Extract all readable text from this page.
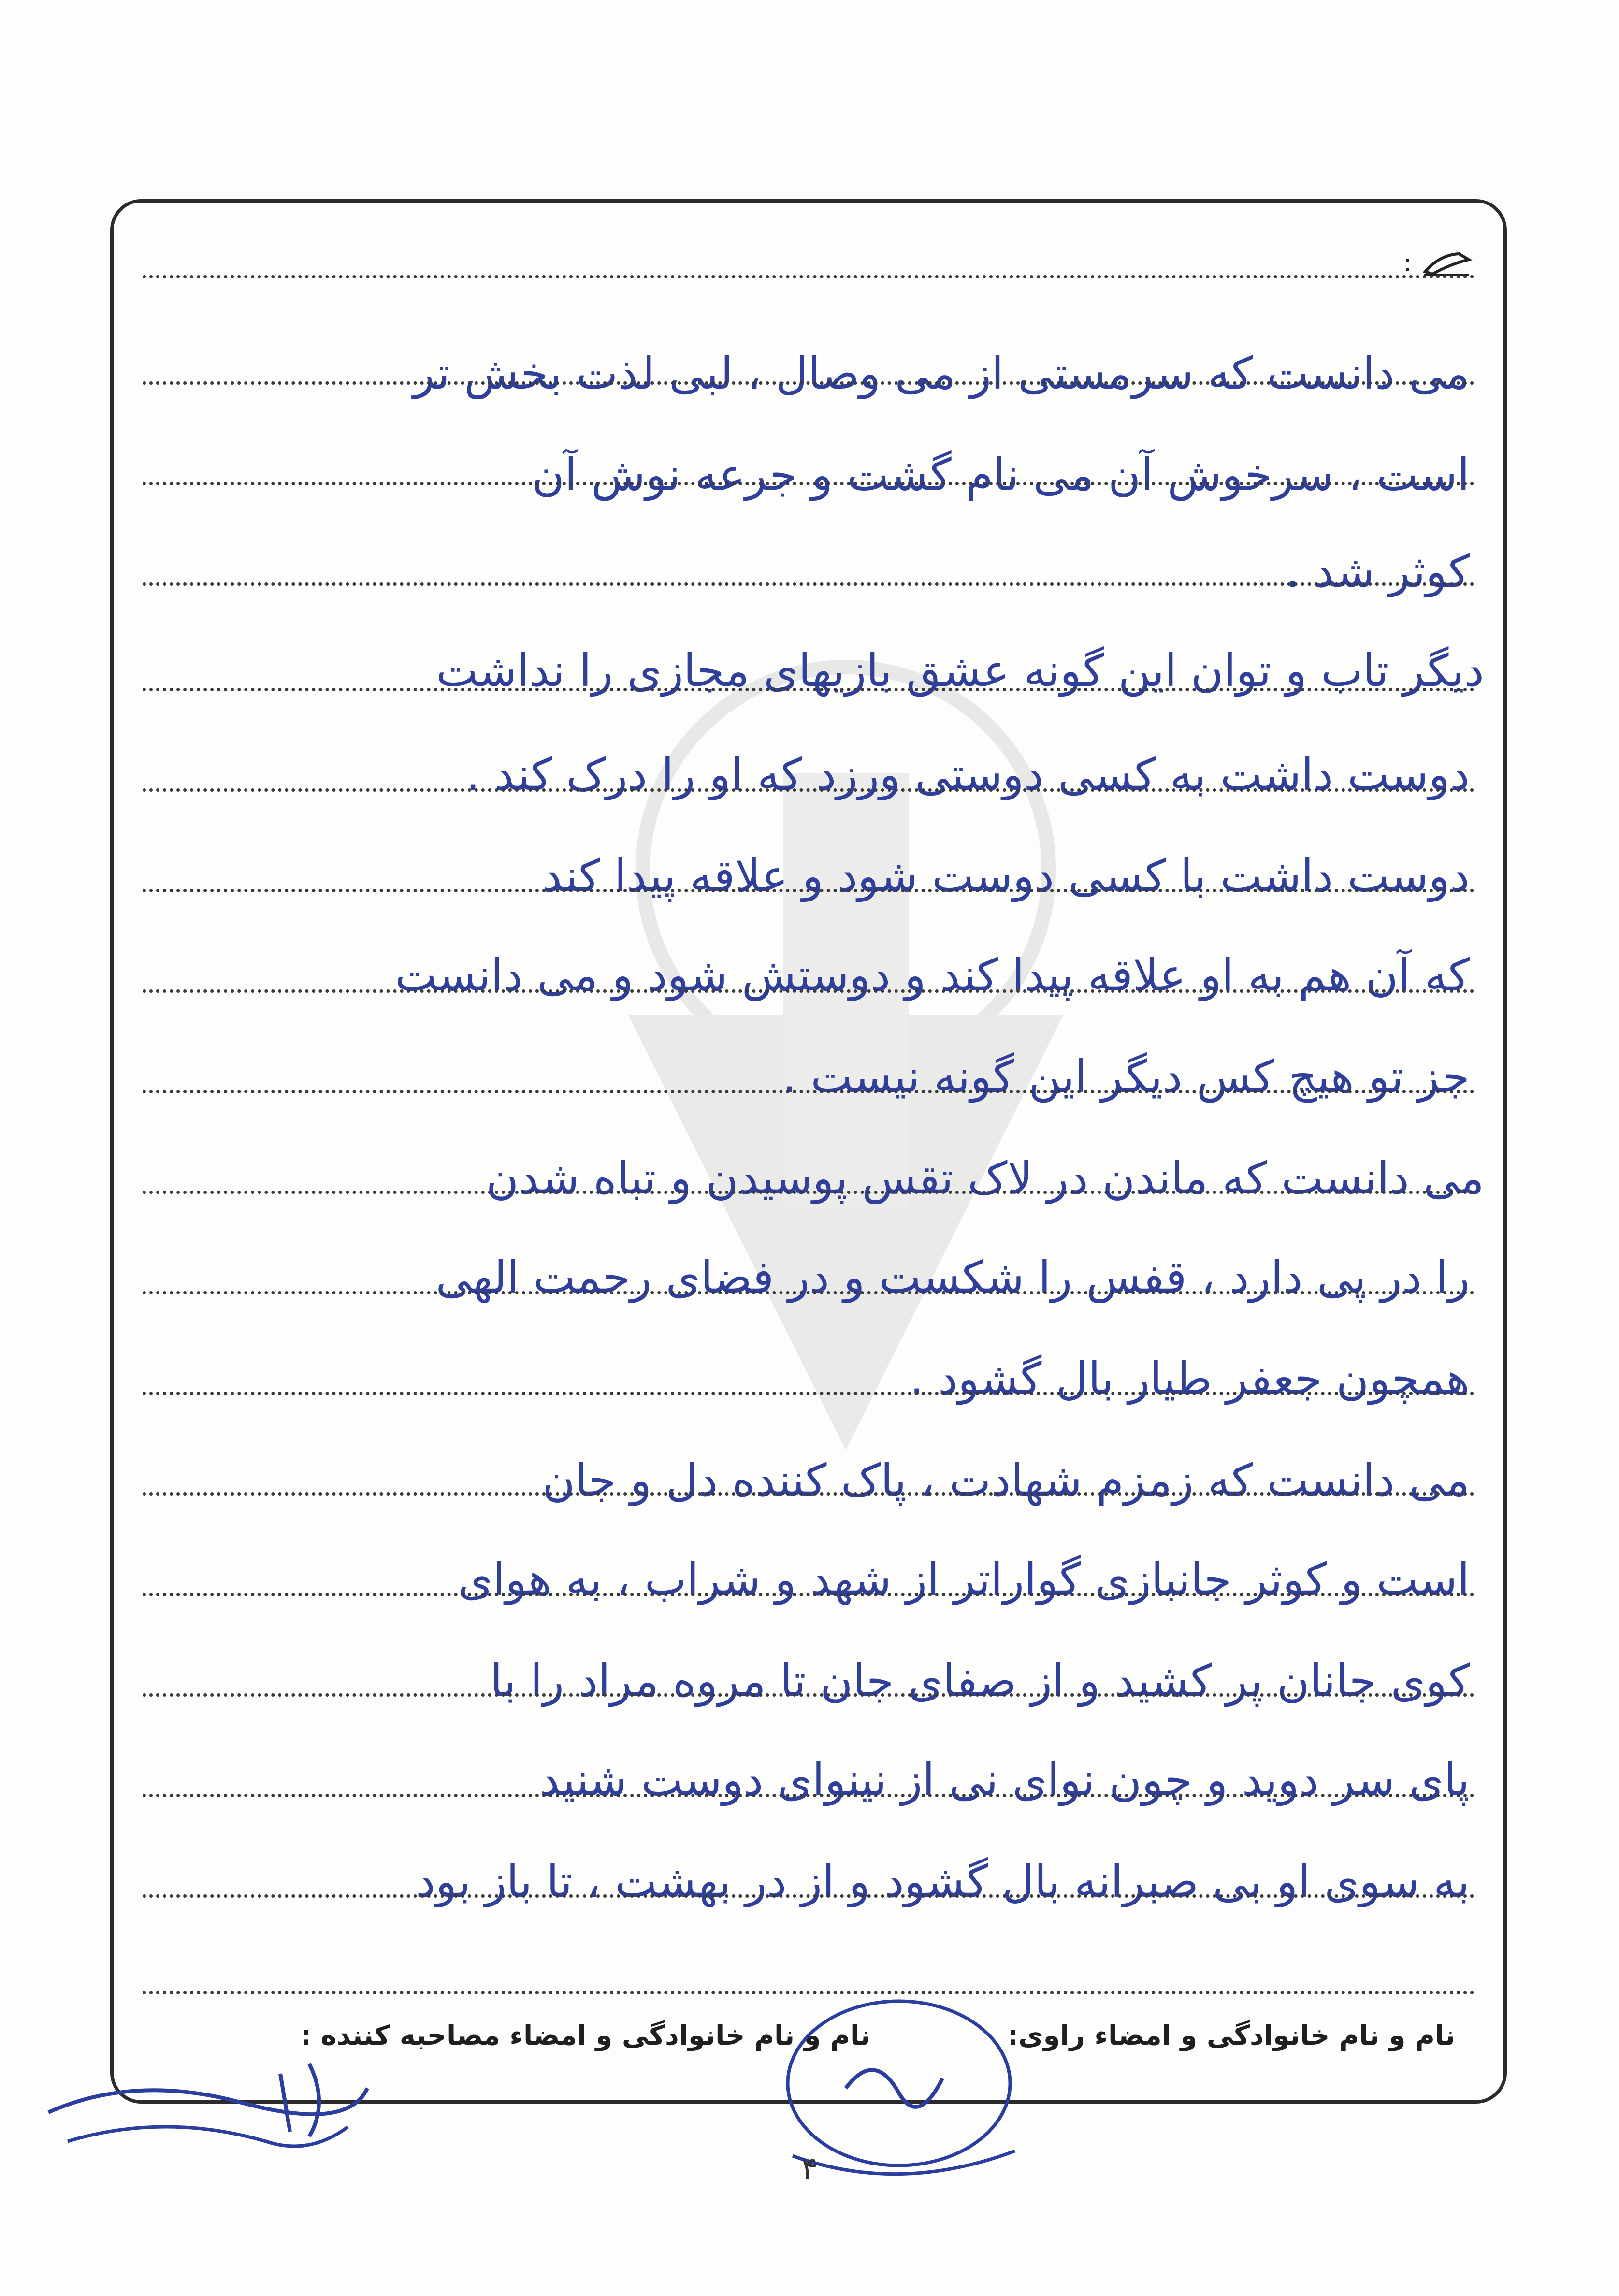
:
می دانست که سرمستی از می وصال ، لبی لذت بخش تر
است ، سرخوش آن می نام گشت و جرعه نوش آن
کوثر شد .
دیگر تاب و توان این گونه عشق بازیهای مجازی را نداشت
دوست داشت به کسی دوستی ورزد که او را درک کند .
دوست داشت با کسی دوست شود و علاقه پیدا کند
که آن هم به او علاقه پیدا کند و دوستش شود و می دانست
جز تو هیچ کس دیگر این گونه نیست .
می دانست که ماندن در لاک تقس پوسیدن و تباه شدن
را در پی دارد ، قفس را شکست و در فضای رحمت الهی
همچون جعفر طیار بال گشود .
می دانست که زمزم شهادت ، پاک کننده دل و جان
است و کوثر جانبازی گواراتر از شهد و شراب ، به هوای
کوی جانان پر کشید و از صفای جان تا مروه مراد را با
پای سر دوید و چون نوای نی از نینوای دوست شنید
به سوی او بی صبرانه بال گشود و از در بهشت ، تا باز بود
نام و نام خانوادگی و امضاء راوی:
نام و نام خانوادگی و امضاء مصاحبه کننده :
۴
